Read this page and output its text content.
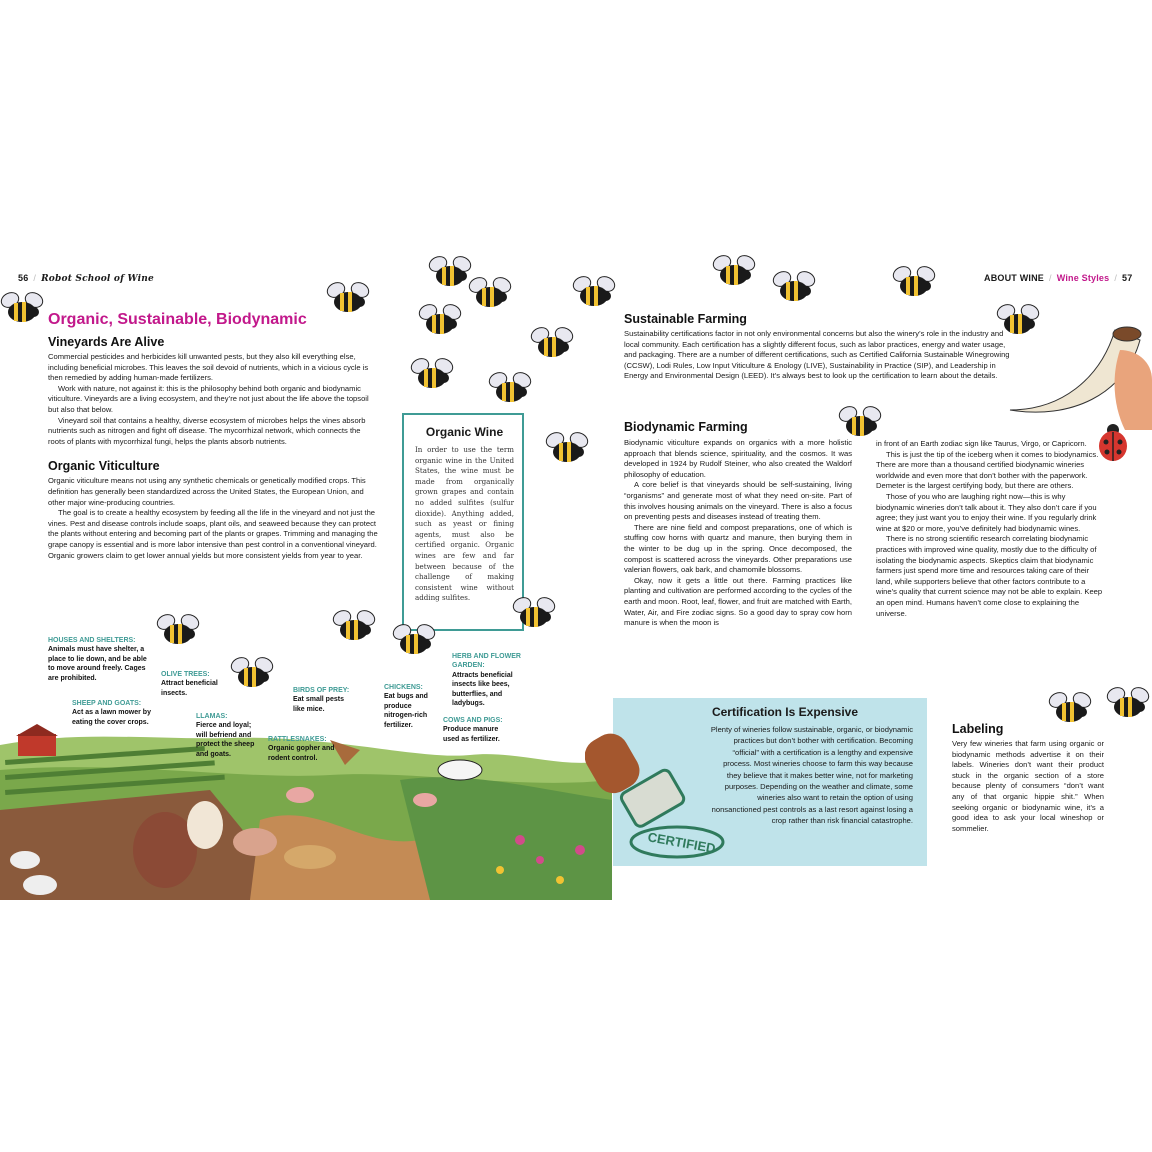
56 / Robot School of Wine	ABOUT WINE / Wine Styles / 57
Organic, Sustainable, Biodynamic
Vineyards Are Alive

Commercial pesticides and herbicides kill unwanted pests, but they also kill everything else, including beneficial microbes. This leaves the soil devoid of nutrients, which in a vicious cycle is then remedied by adding human-made fertilizers.

Work with nature, not against it: this is the philosophy behind both organic and biodynamic viticulture. Vineyards are a living ecosystem, and they’re not just about the life above the topsoil but also that below.

Vineyard soil that contains a healthy, diverse ecosystem of microbes helps the vines absorb nutrients such as nitrogen and fight off disease. The mycorrhizal network, which connects the roots of plants with mycorrhizal fungi, helps the plants absorb nutrients.

Organic Viticulture

Organic viticulture means not using any synthetic chemicals or genetically modified crops. This definition has generally been standardized across the United States, the European Union, and other major wine-producing countries.

The goal is to create a healthy ecosystem by feeding all the life in the vineyard and not just the vines. Pest and disease controls include soaps, plant oils, and seaweed because they can protect the plants without entering and becoming part of the plants or grapes. Trimming and managing the grape canopy is essential and is more labor intensive than pest control in a conventional vineyard. Organic growers claim to get lower annual yields but more consistent yields from year to year.

Organic Wine

In order to use the term organic wine in the United States, the wine must be made from organically grown grapes and contain no added sulfites (sulfur dioxide). Anything added, such as yeast or fining agents, must also be certified organic. Organic wines are few and far between because of the challenge of making consistent wine without adding sulfites.

HOUSES AND SHELTERS:
Animals must have shelter, a place to lie down, and be able to move around freely. Cages are prohibited.
SHEEP AND GOATS:
Act as a lawn mower by eating the cover crops.
OLIVE TREES:
Attract beneficial insects.
LLAMAS:
Fierce and loyal; will befriend and protect the sheep and goats.
BIRDS OF PREY:
Eat small pests like mice.
RATTLESNAKES:
Organic gopher and rodent control.
CHICKENS:
Eat bugs and produce nitrogen-rich fertilizer.
HERB AND FLOWER GARDEN:
Attracts beneficial insects like bees, butterflies, and ladybugs.
COWS AND PIGS:
Produce manure used as fertilizer.
Sustainable Farming

Sustainability certifications factor in not only environmental concerns but also the winery’s role in the industry and local community. Each certification has a slightly different focus, such as labor practices, energy and water usage, and packaging. There are a number of different certifications, such as Certified California Sustainable Winegrowing (CCSW), Lodi Rules, Low Input Viticulture & Enology (LIVE), Sustainability in Practice (SIP), and Leadership in Energy and Environmental Design (LEED). It’s always best to look up the certification to learn about the details.

Biodynamic Farming

Biodynamic viticulture expands on organics with a more holistic approach that blends science, spirituality, and the cosmos. It was developed in 1924 by Rudolf Steiner, who also created the Waldorf philosophy of education.

A core belief is that vineyards should be self-sustaining, living “organisms” and generate most of what they need on-site. Part of this involves housing animals on the vineyard. There is also a focus on preventing pests and diseases instead of treating them.

There are nine field and compost preparations, one of which is stuffing cow horns with quartz and manure, then burying them in the winter to be dug up in the spring. Once decomposed, the compost is scattered across the vineyards. Other preparations use valerian flowers, oak bark, and chamomile blossoms.

Okay, now it gets a little out there. Farming practices like planting and cultivation are performed according to the cycles of the earth and moon. Root, leaf, flower, and fruit are matched with Earth, Water, Air, and Fire zodiac signs. So a good day to spray cow horn manure is when the moon is

in front of an Earth zodiac sign like Taurus, Virgo, or Capricorn.

This is just the tip of the iceberg when it comes to biodynamics. There are more than a thousand certified biodynamic wineries worldwide and even more that don’t bother with the paperwork. Demeter is the largest certifying body, but there are others.

Those of you who are laughing right now—this is why biodynamic wineries don’t talk about it. They also don’t care if you agree; they just want you to enjoy their wine. If you regularly drink wine at $20 or more, you’ve definitely had biodynamic wines.

There is no strong scientific research correlating biodynamic practices with improved wine quality, mostly due to the difficulty of isolating the biodynamic aspects. Skeptics claim that biodynamic farmers just spend more time and resources taking care of their land, while supporters believe that other factors contribute to a wine’s quality that current science may not be able to explain. Keep an open mind. Humans haven’t come close to explaining the universe.

Certification Is Expensive

Plenty of wineries follow sustainable, organic, or biodynamic practices but don’t bother with certification. Becoming “official” with a certification is a lengthy and expensive process. Most wineries choose to farm this way because they believe that it makes better wine, not for marketing purposes. Depending on the weather and climate, some wineries also want to retain the option of using nonsanctioned pest controls as a last resort against losing a crop rather than risk financial catastrophe.

CERTIFIED
Labeling

Very few wineries that farm using organic or biodynamic methods advertise it on their labels. Wineries don’t want their product stuck in the organic section of a store because plenty of consumers “don’t want any of that organic hippie shit.” When seeking organic or biodynamic wine, it’s a good idea to ask your local wineshop or sommelier.
